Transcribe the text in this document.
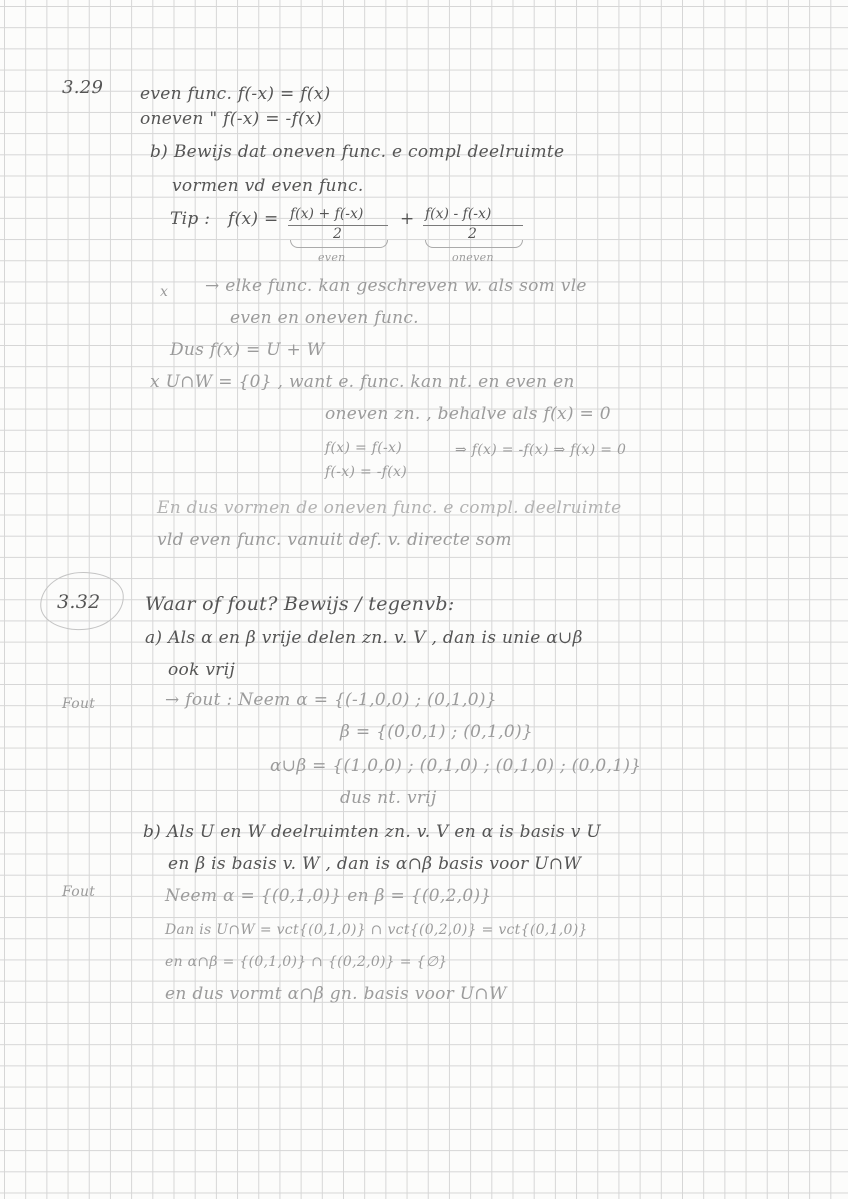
3.29 even func. f(-x) = f(x)
oneven " f(-x) = -f(x)
b) Bewijs dat oneven func. e compl deelruimte
vormen vd even func.
Tip : f(x) = f(x) + f(-x)
2
+ f(x) - f(-x)
2
even	oneven
x → elke func. kan geschreven w. als som vle
even en oneven func.
Dus f(x) = U + W
x U∩W = {0} , want e. func. kan nt. en even en
oneven zn. , behalve als f(x) = 0
f(x) = f(-x)	⇒ f(x) = -f(x) ⇒ f(x) = 0
f(-x) = -f(x)
En dus vormen de oneven func. e compl. deelruimte
vld even func. vanuit def. v. directe som
3.32 Waar of fout? Bewijs / tegenvb:
a) Als α en β vrije delen zn. v. V , dan is unie α∪β
ook vrij
Fout	→ fout : Neem α = {(-1,0,0) ; (0,1,0)}
β = {(0,0,1) ; (0,1,0)}
α∪β = {(1,0,0) ; (0,1,0) ; (0,1,0) ; (0,0,1)}
dus nt. vrij
b) Als U en W deelruimten zn. v. V en α is basis v U
en β is basis v. W , dan is α∩β basis voor U∩W
Fout	Neem α = {(0,1,0)} en β = {(0,2,0)}
Dan is U∩W = vct{(0,1,0)} ∩ vct{(0,2,0)} = vct{(0,1,0)}
en α∩β = {(0,1,0)} ∩ {(0,2,0)} = {∅}
en dus vormt α∩β gn. basis voor U∩W
